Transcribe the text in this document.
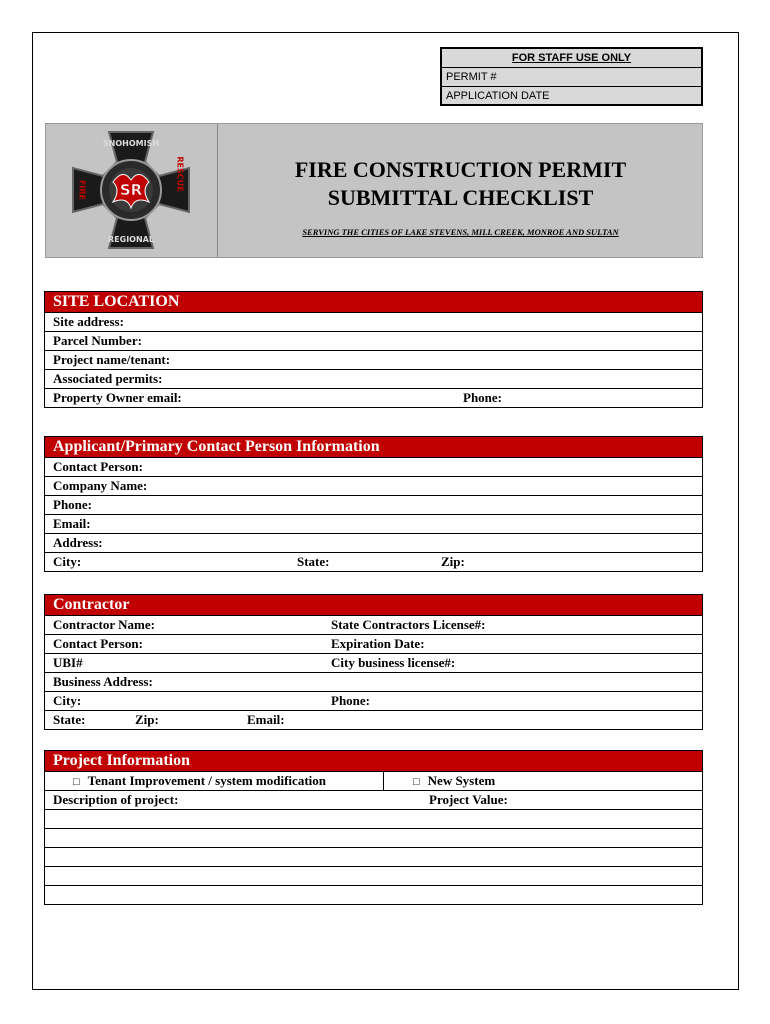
FOR STAFF USE ONLY
PERMIT #
APPLICATION DATE
SR
SNOHOMISH
REGIONAL
FIRE	RESCUE	FIRE CONSTRUCTION PERMIT
SUBMITTAL CHECKLIST
SERVING THE CITIES OF LAKE STEVENS, MILL CREEK, MONROE AND SULTAN
SITE LOCATION
Site address:
Parcel Number:
Project name/tenant:
Associated permits:
Property Owner email:	Phone:
Applicant/Primary Contact Person Information
Contact Person:
Company Name:
Phone:
Email:
Address:
City:	State:	Zip:
Contractor
Contractor Name:	State Contractors License#:
Contact Person:	Expiration Date:
UBI#	City business license#:
Business Address:
City:	Phone:
State:	Zip:	Email:
Project Information
□ Tenant Improvement / system modification	□ New System
Description of project:	Project Value:
